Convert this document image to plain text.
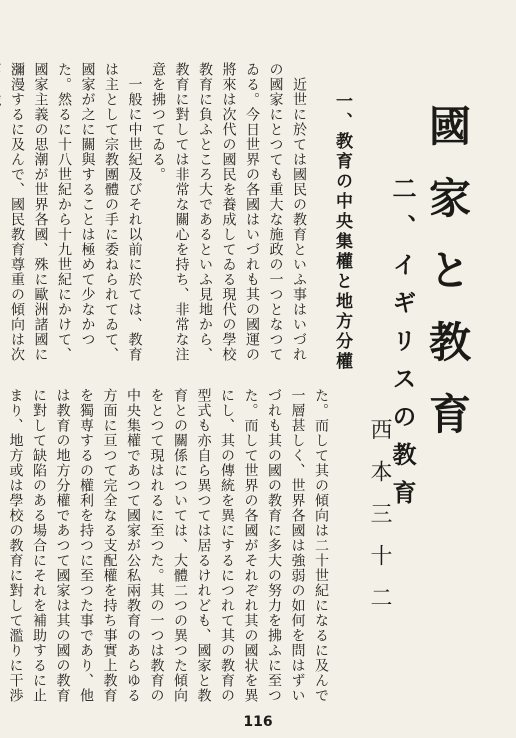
國家と教育
二、イギリスの教育
西本三十二
一、教育の中央集權と地方分權

　近世に於ては國民の教育といふ事はいづれの國家にとつても重大な施政の一つとなつてゐる。今日世界の各國はいづれも其の國運の將來は次代の國民を養成してゐる現代の學校教育に負ふところ大であるといふ見地から、教育に對しては非常な關心を持ち、非常な注意を拂つてゐる。

　一般に中世紀及びそれ以前に於ては、教育は主として宗教團體の手に委ねられてゐて、國家が之に關與することは極めて少なかつた。然るに十八世紀から十九世紀にかけて、國家主義の思潮が世界各國、殊に歐洲諸國に瀰漫するに及んで、國民教育尊重の傾向は次

た。而して其の傾向は二十世紀になるに及んで一層甚しく、世界各國は強弱の如何を問はずいづれも其の國の教育に多大の努力を拂ふに至つた。而して世界の各國がそれぞれ其の國状を異にし、其の傳統を異にするにつれて其の教育の型式も亦自ら異つては居るけれども、國家と教育との關係については、大體二つの異つた傾向をとつて現はれるに至つた。其の一つは教育の中央集權であつて國家が公私兩教育のあらゆる方面に亘つて完全なる支配權を持ち事實上教育を獨専するの權利を持つに至つた事であり、他は教育の地方分權であつて國家は其の國の教育に對して缺陷のある場合にそれを補助するに止まり、地方或は學校の教育に對して濫りに干渉

116
